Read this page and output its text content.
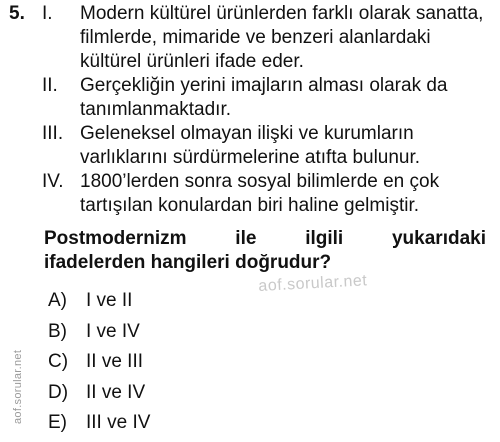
5. I. Modern kültürel ürünlerden farklı olarak sanatta, filmlerde, mimaride ve benzeri alanlardaki kültürel ürünleri ifade eder.
II. Gerçekliğin yerini imajların alması olarak da tanımlanmaktadır.
III. Geleneksel olmayan ilişki ve kurumların varlıklarını sürdürmelerine atıfta bulunur.
IV. 1800’lerden sonra sosyal bilimlerde en çok tartışılan konulardan biri haline gelmiştir.
Postmodernizm ile ilgili yukarıdaki
ifadelerden hangileri doğrudur?
aof.sorular.net
A) I ve II
B) I ve IV
C) II ve III
D) II ve IV
E) III ve IV
aof.sorular.net
